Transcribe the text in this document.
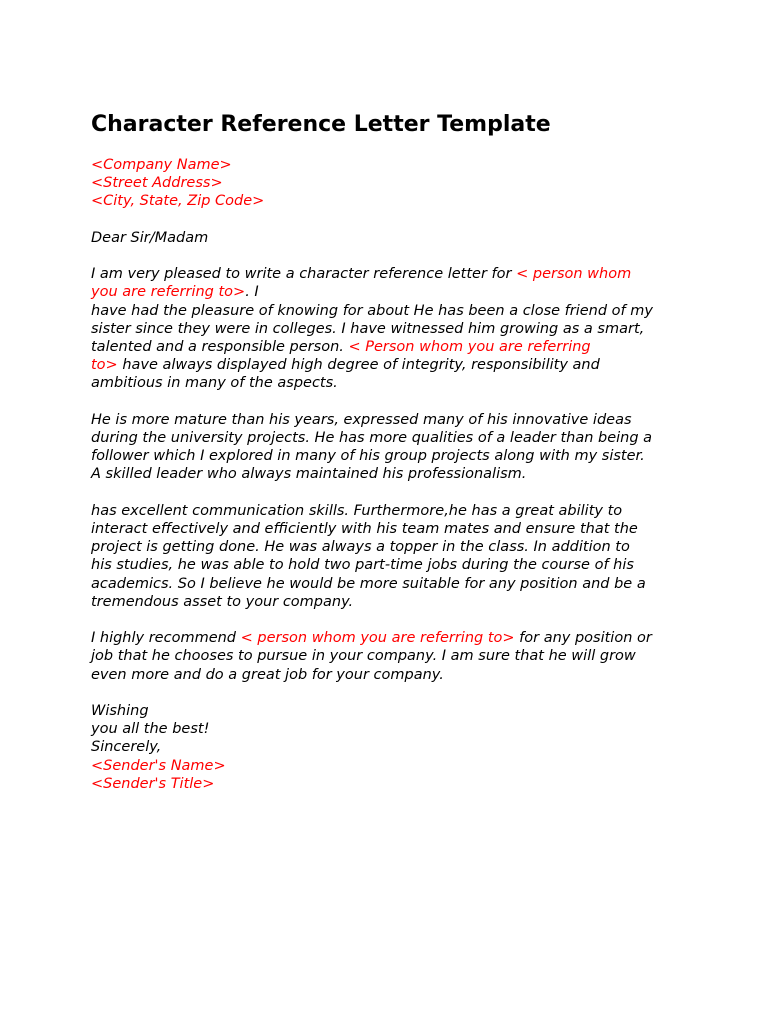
Character Reference Letter Template
<Company Name>
<Street Address>
<City, State, Zip Code>
Dear Sir/Madam
I am very pleased to write a character reference letter for < person whom
you are referring to>. I
have had the pleasure of knowing for about He has been a close friend of my
sister since they were in colleges. I have witnessed him growing as a smart,
talented and a responsible person. < Person whom you are referring
to> have always displayed high degree of integrity, responsibility and
ambitious in many of the aspects.
He is more mature than his years, expressed many of his innovative ideas
during the university projects. He has more qualities of a leader than being a
follower which I explored in many of his group projects along with my sister.
A skilled leader who always maintained his professionalism.
has excellent communication skills. Furthermore,he has a great ability to
interact effectively and efficiently with his team mates and ensure that the
project is getting done. He was always a topper in the class. In addition to
his studies, he was able to hold two part-time jobs during the course of his
academics. So I believe he would be more suitable for any position and be a
tremendous asset to your company.
I highly recommend < person whom you are referring to> for any position or
job that he chooses to pursue in your company. I am sure that he will grow
even more and do a great job for your company.
Wishing
you all the best!
Sincerely,
<Sender's Name>
<Sender's Title>
